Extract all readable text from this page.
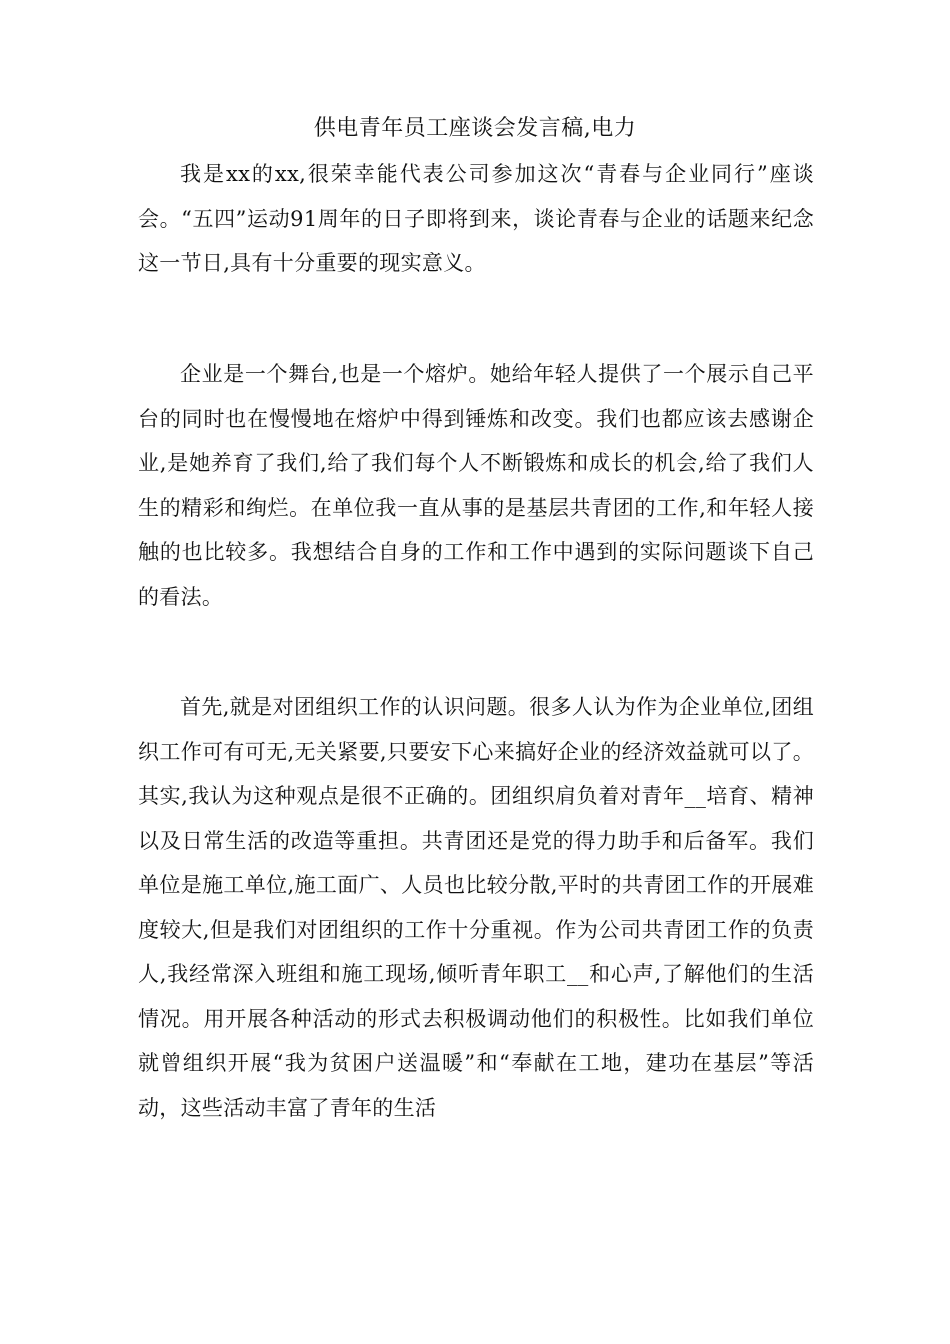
供电青年员工座谈会发言稿,电力

我是xx的xx,很荣幸能代表公司参加这次“青春与企业同行”座谈会。“五四”运动91周年的日子即将到来，谈论青春与企业的话题来纪念这一节日,具有十分重要的现实意义。

企业是一个舞台,也是一个熔炉。她给年轻人提供了一个展示自己平台的同时也在慢慢地在熔炉中得到锤炼和改变。我们也都应该去感谢企业,是她养育了我们,给了我们每个人不断锻炼和成长的机会,给了我们人生的精彩和绚烂。在单位我一直从事的是基层共青团的工作,和年轻人接触的也比较多。我想结合自身的工作和工作中遇到的实际问题谈下自己的看法。

首先,就是对团组织工作的认识问题。很多人认为作为企业单位,团组织工作可有可无,无关紧要,只要安下心来搞好企业的经济效益就可以了。其实,我认为这种观点是很不正确的。团组织肩负着对青年__培育、精神以及日常生活的改造等重担。共青团还是党的得力助手和后备军。我们单位是施工单位,施工面广、人员也比较分散,平时的共青团工作的开展难度较大,但是我们对团组织的工作十分重视。作为公司共青团工作的负责人,我经常深入班组和施工现场,倾听青年职工__和心声,了解他们的生活情况。用开展各种活动的形式去积极调动他们的积极性。比如我们单位就曾组织开展“我为贫困户送温暖”和“奉献在工地，建功在基层”等活动，这些活动丰富了青年的生活
